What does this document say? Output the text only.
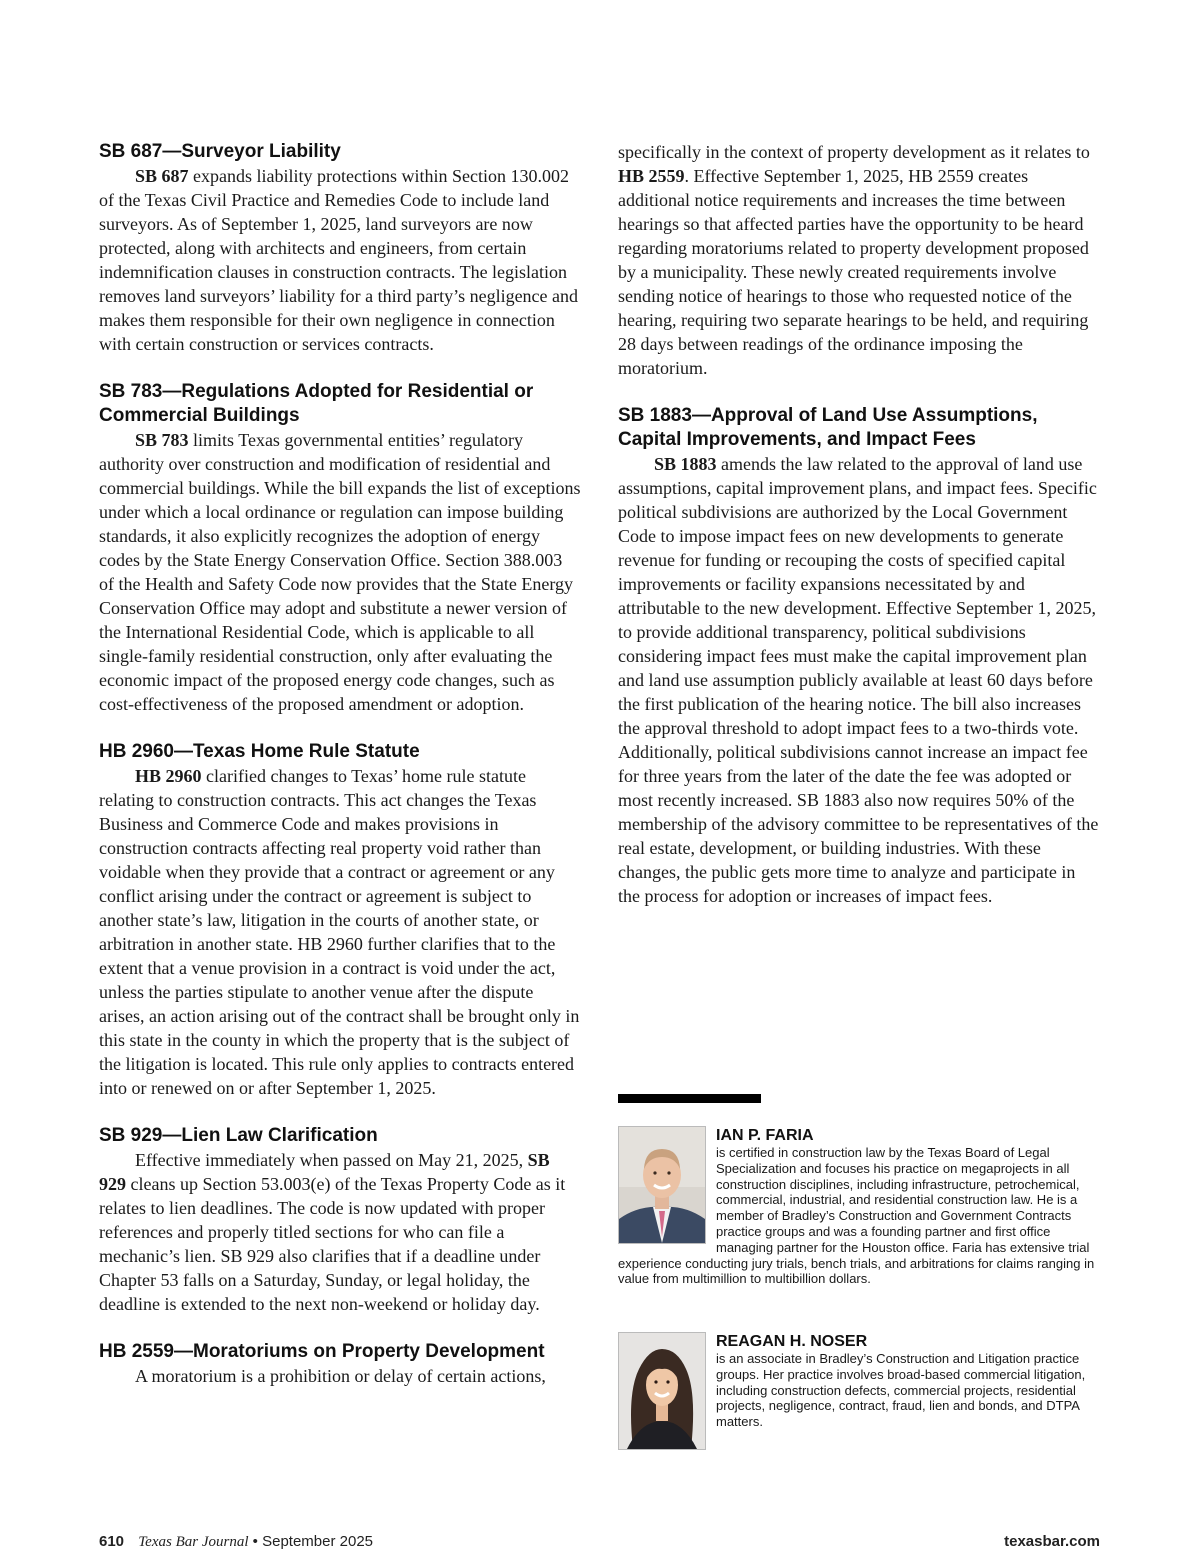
SB 687—Surveyor Liability

SB 687 expands liability protections within Section 130.002 of the Texas Civil Practice and Remedies Code to include land surveyors. As of September 1, 2025, land surveyors are now protected, along with architects and engineers, from certain indemnification clauses in construction contracts. The legislation removes land surveyors’ liability for a third party’s negligence and makes them responsible for their own negligence in connection with certain construction or services contracts.

SB 783—Regulations Adopted for Residential or Commercial Buildings

SB 783 limits Texas governmental entities’ regulatory authority over construction and modification of residential and commercial buildings. While the bill expands the list of exceptions under which a local ordinance or regulation can impose building standards, it also explicitly recognizes the adoption of energy codes by the State Energy Conservation Office. Section 388.003 of the Health and Safety Code now provides that the State Energy Conservation Office may adopt and substitute a newer version of the International Residential Code, which is applicable to all single-family residential construction, only after evaluating the economic impact of the proposed energy code changes, such as cost-effectiveness of the proposed amendment or adoption.

HB 2960—Texas Home Rule Statute

HB 2960 clarified changes to Texas’ home rule statute relating to construction contracts. This act changes the Texas Business and Commerce Code and makes provisions in construction contracts affecting real property void rather than voidable when they provide that a contract or agreement or any conflict arising under the contract or agreement is subject to another state’s law, litigation in the courts of another state, or arbitration in another state. HB 2960 further clarifies that to the extent that a venue provision in a contract is void under the act, unless the parties stipulate to another venue after the dispute arises, an action arising out of the contract shall be brought only in this state in the county in which the property that is the subject of the litigation is located. This rule only applies to contracts entered into or renewed on or after September 1, 2025.

SB 929—Lien Law Clarification

Effective immediately when passed on May 21, 2025, SB 929 cleans up Section 53.003(e) of the Texas Property Code as it relates to lien deadlines. The code is now updated with proper references and properly titled sections for who can file a mechanic’s lien. SB 929 also clarifies that if a deadline under Chapter 53 falls on a Saturday, Sunday, or legal holiday, the deadline is extended to the next non-weekend or holiday day.

HB 2559—Moratoriums on Property Development

A moratorium is a prohibition or delay of certain actions,

specifically in the context of property development as it relates to HB 2559. Effective September 1, 2025, HB 2559 creates additional notice requirements and increases the time between hearings so that affected parties have the opportunity to be heard regarding moratoriums related to property development proposed by a municipality. These newly created requirements involve sending notice of hearings to those who requested notice of the hearing, requiring two separate hearings to be held, and requiring 28 days between readings of the ordinance imposing the moratorium.

SB 1883—Approval of Land Use Assumptions, Capital Improvements, and Impact Fees

SB 1883 amends the law related to the approval of land use assumptions, capital improvement plans, and impact fees. Specific political subdivisions are authorized by the Local Government Code to impose impact fees on new developments to generate revenue for funding or recouping the costs of specified capital improvements or facility expansions necessitated by and attributable to the new development. Effective September 1, 2025, to provide additional transparency, political subdivisions considering impact fees must make the capital improvement plan and land use assumption publicly available at least 60 days before the first publication of the hearing notice. The bill also increases the approval threshold to adopt impact fees to a two-thirds vote. Additionally, political subdivisions cannot increase an impact fee for three years from the later of the date the fee was adopted or most recently increased. SB 1883 also now requires 50% of the membership of the advisory committee to be representatives of the real estate, development, or building industries. With these changes, the public gets more time to analyze and participate in the process for adoption or increases of impact fees.

IAN P. FARIA

is certified in construction law by the Texas Board of Legal Specialization and focuses his practice on megaprojects in all construction disciplines, including infrastructure, petrochemical, commercial, industrial, and residential construction law. He is a member of Bradley’s Construction and Government Contracts practice groups and was a founding partner and first office managing partner for the Houston office. Faria has extensive trial experience conducting jury trials, bench trials, and arbitrations for claims ranging in value from multimillion to multibillion dollars.

REAGAN H. NOSER

is an associate in Bradley’s Construction and Litigation practice groups. Her practice involves broad-based commercial litigation, including construction defects, commercial projects, residential projects, negligence, contract, fraud, lien and bonds, and DTPA matters.

610 Texas Bar Journal • September 2025	texasbar.com
